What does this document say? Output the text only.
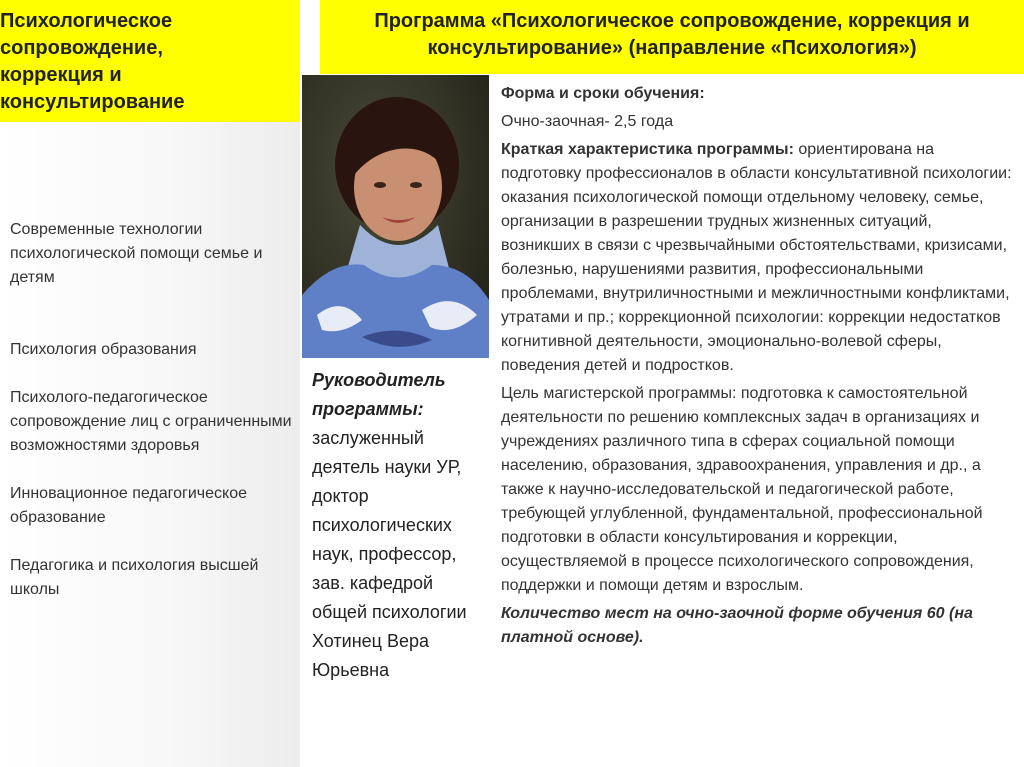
Психологическое
сопровождение,
коррекция и
консультирование
Современные технологии психологической помощи семье и детям
Психология образования
Психолого-педагогическое сопровождение лиц с ограниченными возможностями здоровья
Инновационное педагогическое образование
Педагогика и психология высшей школы
Программа «Психологическое сопровождение, коррекция и консультирование» (направление «Психология»)
Руководитель программы:
заслуженный деятель науки УР, доктор психологических наук, профессор, зав. кафедрой общей психологии Хотинец Вера Юрьевна

Форма и сроки обучения:

Очно-заочная- 2,5 года

Краткая характеристика программы: ориентирована на подготовку профессионалов в области консультативной психологии: оказания психологической помощи отдельному человеку, семье, организации в разрешении трудных жизненных ситуаций, возникших в связи с чрезвычайными обстоятельствами, кризисами, болезнью, нарушениями развития, профессиональными проблемами, внутриличностными и межличностными конфликтами, утратами и пр.; коррекционной психологии: коррекции недостатков когнитивной деятельности, эмоционально-волевой сферы, поведения детей и подростков.

Цель магистерской программы: подготовка к самостоятельной деятельности по решению комплексных задач в организациях и учреждениях различного типа в сферах социальной помощи населению, образования, здравоохранения, управления и др., а также к научно-исследовательской и педагогической работе, требующей углубленной, фундаментальной, профессиональной подготовки в области консультирования и коррекции, осуществляемой в процессе психологического сопровождения, поддержки и помощи детям и взрослым.

Количество мест на очно-заочной форме обучения 60 (на платной основе).
